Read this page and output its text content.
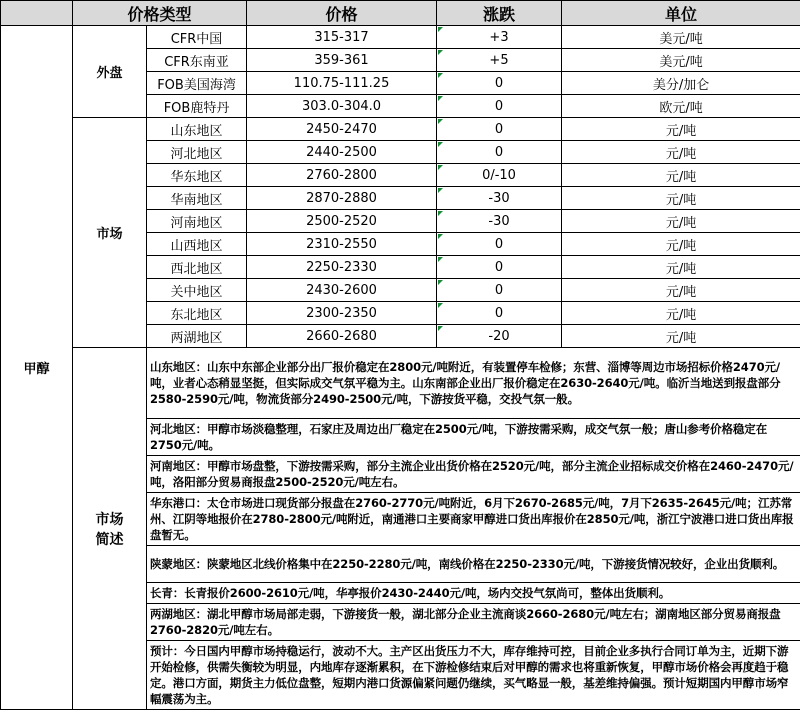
	价格类型		价格	涨跌	单位
甲醇	外盘	CFR中国	315-317	+3	美元/吨
		CFR东南亚	359-361	+5	美元/吨
		FOB美国海湾	110.75-111.25	0	美分/加仑
		FOB鹿特丹	303.0-304.0	0	欧元/吨
	市场	山东地区	2450-2470	0	元/吨
		河北地区	2440-2500	0	元/吨
		华东地区	2760-2800	0/-10	元/吨
		华南地区	2870-2880	-30	元/吨
		河南地区	2500-2520	-30	元/吨
		山西地区	2310-2550	0	元/吨
		西北地区	2250-2330	0	元/吨
		关中地区	2430-2600	0	元/吨
		东北地区	2300-2350	0	元/吨
		两湖地区	2660-2680	-20	元/吨

	市场
简述	山东地区：山东中东部企业部分出厂报价稳定在2800元/吨附近，有装置停车检修；东营、淄博等周边市场招标价格2470元/吨，业者心态稍显坚挺，但实际成交气氛平稳为主。山东南部企业出厂报价稳定在2630-2640元/吨。临沂当地送到报盘部分2580-2590元/吨，物流货部分2490-2500元/吨，下游按货平稳，交投气氛一般。			
		河北地区：甲醇市场淡稳整理，石家庄及周边出厂稳定在2500元/吨，下游按需采购，成交气氛一般；唐山参考价格稳定在2750元/吨。			
		河南地区：甲醇市场盘整，下游按需采购，部分主流企业出货价格在2520元/吨，部分主流企业招标成交价格在2460-2470元/吨，洛阳部分贸易商报盘2500-2520元/吨左右。			
		华东港口：太仓市场进口现货部分报盘在2760-2770元/吨附近，6月下2670-2685元/吨，7月下2635-2645元/吨；江苏常州、江阴等地报价在2780-2800元/吨附近，南通港口主要商家甲醇进口货出库报价在2850元/吨，浙江宁波港口进口货出库报盘暂无。			
		陕蒙地区：陕蒙地区北线价格集中在2250-2280元/吨，南线价格在2250-2330元/吨，下游接货情况较好，企业出货顺利。			
		长青：长青报价2600-2610元/吨，华亭报价2430-2440元/吨，场内交投气氛尚可，整体出货顺利。			
		两湖地区：湖北甲醇市场局部走弱，下游接货一般，湖北部分企业主流商谈2660-2680元/吨左右；湖南地区部分贸易商报盘2760-2820元/吨左右。			
		预计：今日国内甲醇市场持稳运行，波动不大。主产区出货压力不大，库存维持可控，目前企业多执行合同订单为主，近期下游开始检修，供需失衡较为明显，内地库存逐渐累积，在下游检修结束后对甲醇的需求也将重新恢复，甲醇市场价格会再度趋于稳定。港口方面，期货主力低位盘整，短期内港口货源偏紧问题仍继续，买气略显一般，基差维持偏强。预计短期国内甲醇市场窄幅震荡为主。			
